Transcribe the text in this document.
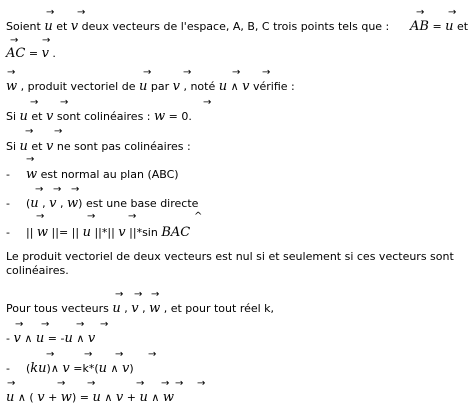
Soient u et v deux vecteurs de l'espace, A, B, C trois points tels que : AB = u et
→ →	→ →
AC = v .
→ →
w , produit vectoriel de u par v , noté u ∧ v vérifie :
→	→	→	→ →
Si u et v sont colinéaires : w = 0.
→ →	→
Si u et v ne sont pas colinéaires :
→ →
- w est normal au plan (ABC)
→
- (u , v , w) est une base directe
→ → →
- || w ||= || u ||*|| v ||*sin BAC
→	→	→	^
Le produit vectoriel de deux vecteurs est nul si et seulement si ces vecteurs sont colinéaires.
Pour tous vecteurs u , v , w , et pour tout réel k,
→ → →
- v ∧ u = -u ∧ v
→ →	→ →
- (ku)∧ v =k*(u ∧ v)
→	→ → →
u ∧ ( v + w) = u ∧ v + u ∧ w
→	→ →	→ → → →
